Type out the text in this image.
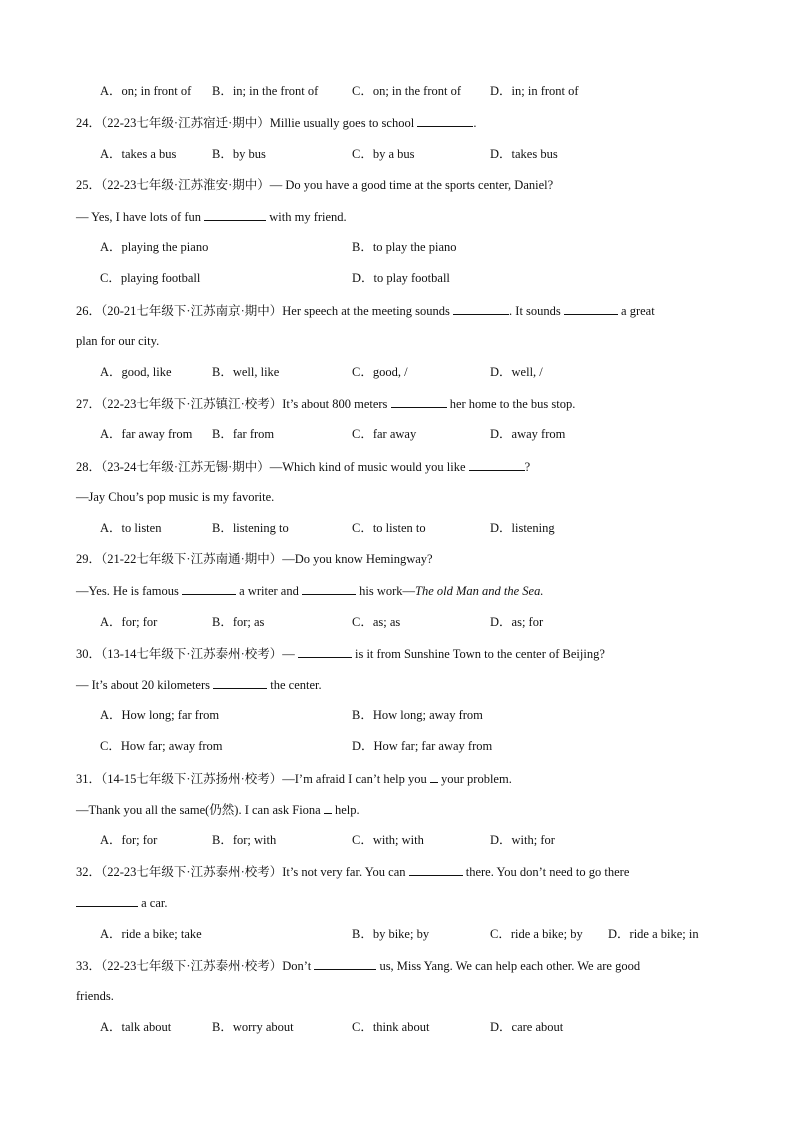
A．on; in front of B．in; in the front of	C．on; in the front of D．in; in front of
24．（22-23七年级·江苏宿迁·期中）Millie usually goes to school	.
A．takes a bus	B．by bus	C．by a bus	D．takes bus
25．（22-23七年级·江苏淮安·期中）— Do you have a good time at the sports center, Daniel?
— Yes, I have lots of fun	with my friend.
A．playing the piano	B．to play the piano
C．playing football	D．to play football
26．（20-21七年级下·江苏南京·期中）Her speech at the meeting sounds	. It sounds	a great
plan for our city.
A．good, like	B．well, like	C．good, /	D．well, /
27．（22-23七年级下·江苏镇江·校考）It’s about 800 meters	her home to the bus stop.
A．far away from B．far from	C．far away	D．away from
28．（23-24七年级·江苏无锡·期中）—Which kind of music would you like	?
—Jay Chou’s pop music is my favorite.
A．to listen	B．listening to	C．to listen to	D．listening
29．（21-22七年级下·江苏南通·期中）—Do you know Hemingway?
—Yes. He is famous	a writer and	his work—The old Man and the Sea.
A．for; for	B．for; as	C．as; as	D．as; for
30．（13-14七年级下·江苏泰州·校考）—	is it from Sunshine Town to the center of Beijing?
— It’s about 20 kilometers	the center.
A．How long; far from	B．How long; away from
C．How far; away from	D．How far; far away from
31．（14-15七年级下·江苏扬州·校考）—I’m afraid I can’t help you your problem.
—Thank you all the same(仍然). I can ask Fiona help.
A．for; for	B．for; with	C．with; with	D．with; for
32．（22-23七年级下·江苏泰州·校考）It’s not very far. You can	there. You don’t need to go there
a car.
A．ride a bike; take	B．by bike; by	C．ride a bike; by D．ride a bike; in
33．（22-23七年级下·江苏泰州·校考）Don’t	us, Miss Yang. We can help each other. We are good
friends.
A．talk about	B．worry about	C．think about	D．care about
